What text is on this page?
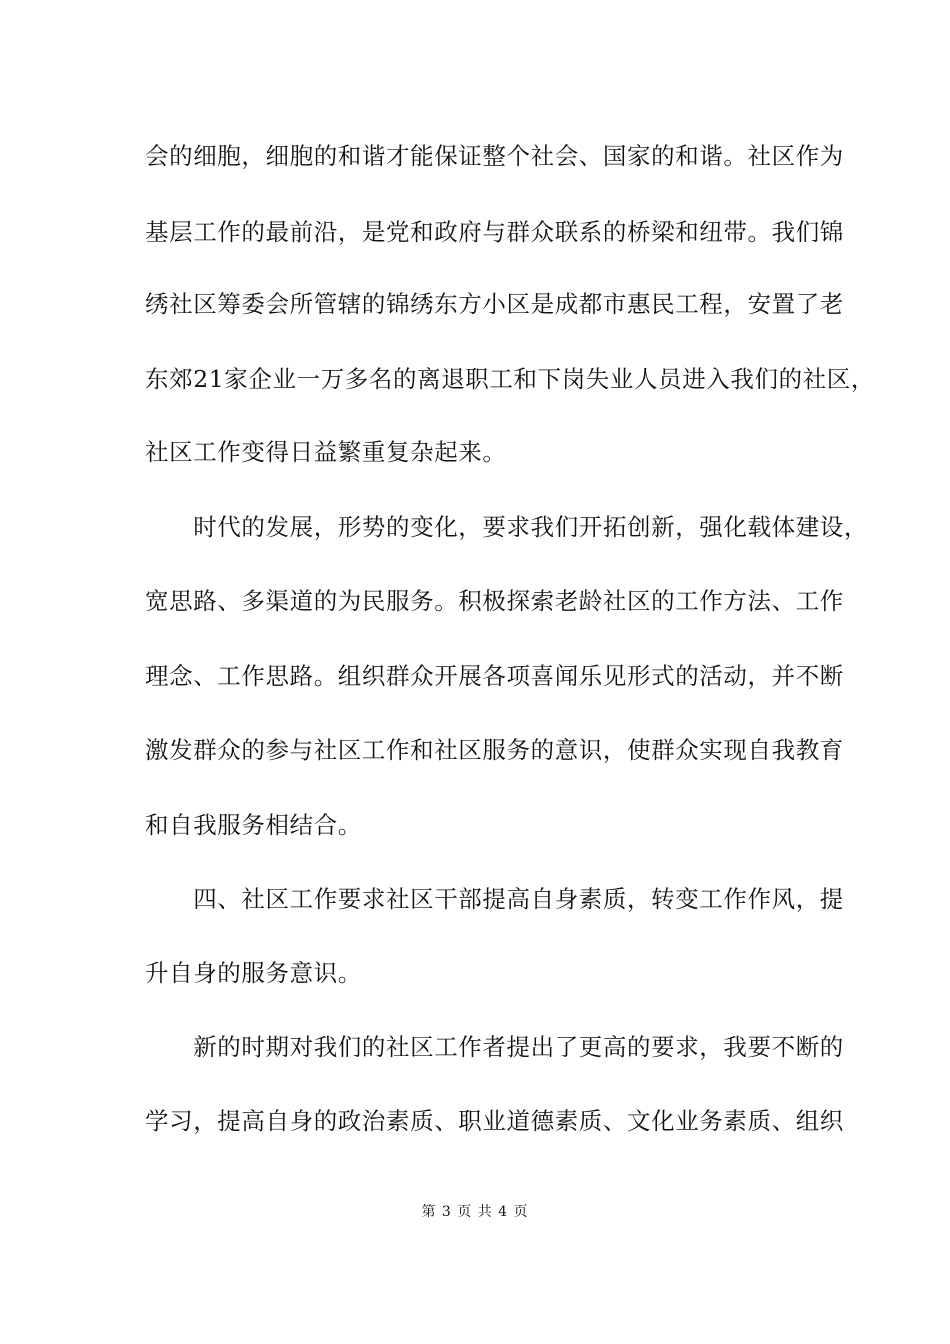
会的细胞，细胞的和谐才能保证整个社会、国家的和谐。社区作为
基层工作的最前沿，是党和政府与群众联系的桥梁和纽带。我们锦
绣社区筹委会所管辖的锦绣东方小区是成都市惠民工程，安置了老
东郊21家企业一万多名的离退职工和下岗失业人员进入我们的社区，
社区工作变得日益繁重复杂起来。
　　时代的发展，形势的变化，要求我们开拓创新，强化载体建设，
宽思路、多渠道的为民服务。积极探索老龄社区的工作方法、工作
理念、工作思路。组织群众开展各项喜闻乐见形式的活动，并不断
激发群众的参与社区工作和社区服务的意识，使群众实现自我教育
和自我服务相结合。
　　四、社区工作要求社区干部提高自身素质，转变工作作风，提
升自身的服务意识。
　　新的时期对我们的社区工作者提出了更高的要求，我要不断的
学习，提高自身的政治素质、职业道德素质、文化业务素质、组织
第 3 页 共 4 页
